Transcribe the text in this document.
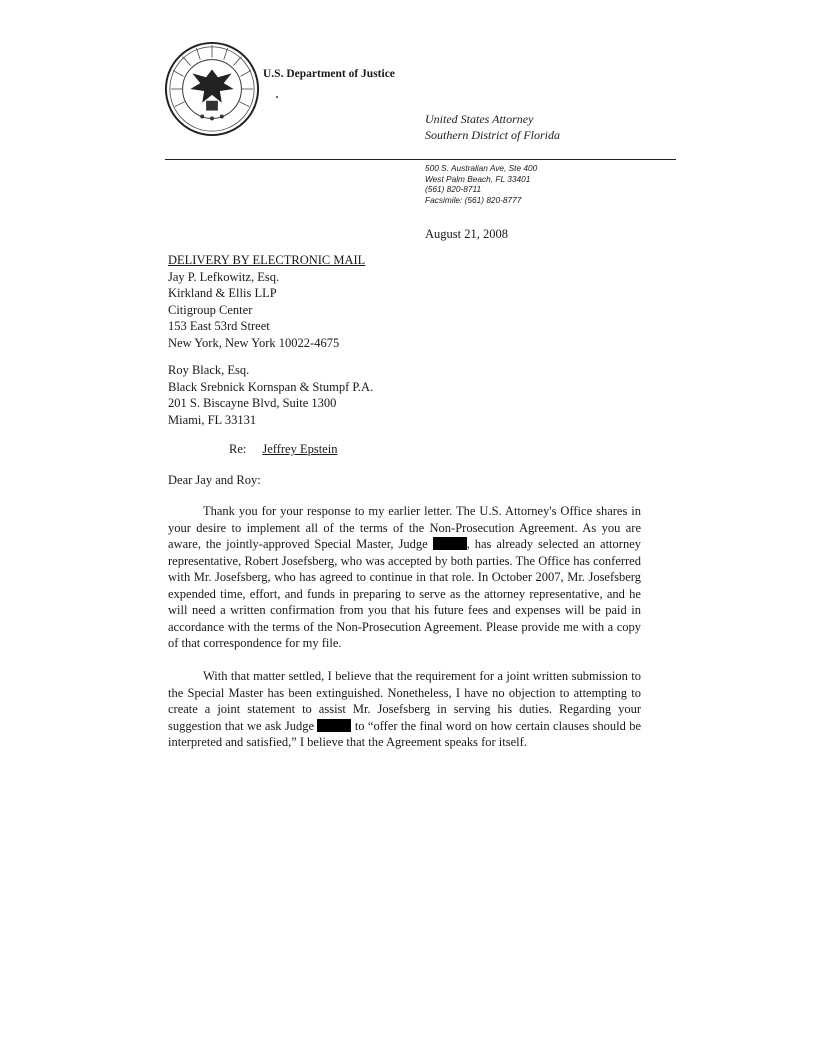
U.S. Department of Justice
United States Attorney
Southern District of Florida
500 S. Australian Ave, Ste 400
West Palm Beach, FL 33401
(561) 820-8711
Facsimile: (561) 820-8777
August 21, 2008
DELIVERY BY ELECTRONIC MAIL
Jay P. Lefkowitz, Esq.
Kirkland & Ellis LLP
Citigroup Center
153 East 53rd Street
New York, New York 10022-4675
Roy Black, Esq.
Black Srebnick Kornspan & Stumpf P.A.
201 S. Biscayne Blvd, Suite 1300
Miami, FL 33131
Re: Jeffrey Epstein
Dear Jay and Roy:

Thank you for your response to my earlier letter. The U.S. Attorney's Office shares in your desire to implement all of the terms of the Non-Prosecution Agreement. As you are aware, the jointly-approved Special Master, Judge	, has already selected an attorney representative, Robert Josefsberg, who was accepted by both parties. The Office has conferred with Mr. Josefsberg, who has agreed to continue in that role. In October 2007, Mr. Josefsberg expended time, effort, and funds in preparing to serve as the attorney representative, and he will need a written confirmation from you that his future fees and expenses will be paid in accordance with the terms of the Non-Prosecution Agreement. Please provide me with a copy of that correspondence for my file.

With that matter settled, I believe that the requirement for a joint written submission to the Special Master has been extinguished. Nonetheless, I have no objection to attempting to create a joint statement to assist Mr. Josefsberg in serving his duties. Regarding your suggestion that we ask Judge	to “offer the final word on how certain clauses should be interpreted and satisfied,” I believe that the Agreement speaks for itself.
